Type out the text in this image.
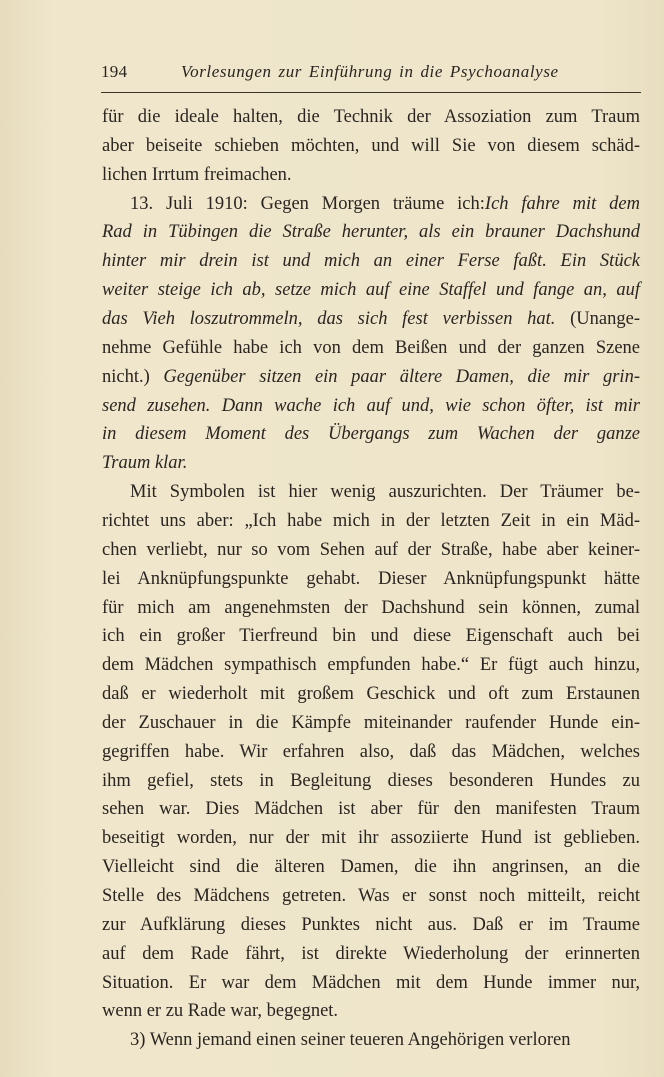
194	Vorlesungen zur Einführung in die Psychoanalyse
für die ideale halten, die Technik der Assoziation zum Traum
aber beiseite schieben möchten, und will Sie von diesem schäd-
lichen Irrtum freimachen.
13. Juli 1910: Gegen Morgen träume ich:Ich fahre mit dem
Rad in Tübingen die Straße herunter, als ein brauner Dachshund
hinter mir drein ist und mich an einer Ferse faßt. Ein Stück
weiter steige ich ab, setze mich auf eine Staffel und fange an, auf
das Vieh loszutrommeln, das sich fest verbissen hat. (Unange-
nehme Gefühle habe ich von dem Beißen und der ganzen Szene
nicht.) Gegenüber sitzen ein paar ältere Damen, die mir grin-
send zusehen. Dann wache ich auf und, wie schon öfter, ist mir
in diesem Moment des Übergangs zum Wachen der ganze
Traum klar.
Mit Symbolen ist hier wenig auszurichten. Der Träumer be-
richtet uns aber: „Ich habe mich in der letzten Zeit in ein Mäd-
chen verliebt, nur so vom Sehen auf der Straße, habe aber keiner-
lei Anknüpfungspunkte gehabt. Dieser Anknüpfungspunkt hätte
für mich am angenehmsten der Dachshund sein können, zumal
ich ein großer Tierfreund bin und diese Eigenschaft auch bei
dem Mädchen sympathisch empfunden habe.“ Er fügt auch hinzu,
daß er wiederholt mit großem Geschick und oft zum Erstaunen
der Zuschauer in die Kämpfe miteinander raufender Hunde ein-
gegriffen habe. Wir erfahren also, daß das Mädchen, welches
ihm gefiel, stets in Begleitung dieses besonderen Hundes zu
sehen war. Dies Mädchen ist aber für den manifesten Traum
beseitigt worden, nur der mit ihr assoziierte Hund ist geblieben.
Vielleicht sind die älteren Damen, die ihn angrinsen, an die
Stelle des Mädchens getreten. Was er sonst noch mitteilt, reicht
zur Aufklärung dieses Punktes nicht aus. Daß er im Traume
auf dem Rade fährt, ist direkte Wiederholung der erinnerten
Situation. Er war dem Mädchen mit dem Hunde immer nur,
wenn er zu Rade war, begegnet.
3) Wenn jemand einen seiner teueren Angehörigen verloren
